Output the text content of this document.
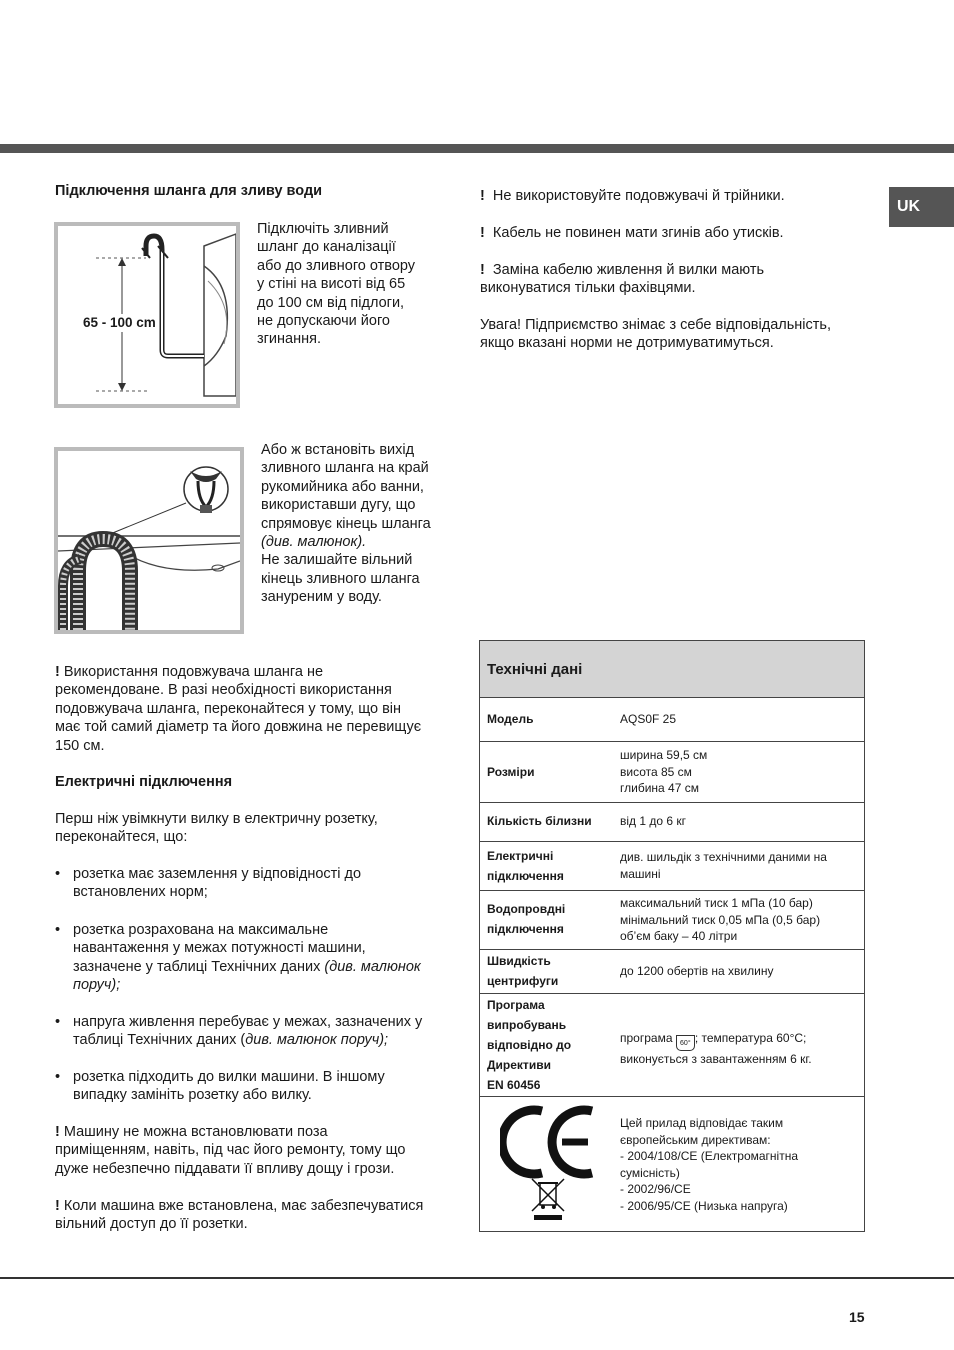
UK
Підключення шланга для зливу води
65 - 100 cm
Підключіть зливний
шланг до каналізації
або до зливного отвору
у стіні на висоті від 65
до 100 см від підлоги,
не допускаючи його
згинання.
Або ж встановіть вихід
зливного шланга на край
рукомийника або ванни,
використавши дугу, що
спрямовує кінець шланга
(див. малюнок).
Не залишайте вільний
кінець зливного шланга
зануреним у воду.
! Використання подовжувача шланга не
рекомендоване. В разі необхідності використання
подовжувача шланга, переконайтеся у тому, що він
має той самий діаметр та його довжина не перевищує
150 см.
Електричні підключення
Перш ніж увімкнути вилку в електричну розетку,
переконайтеся, що:
• розетка має заземлення у відповідності до
встановлених норм;
• розетка розрахована на максимальне
навантаження у межах потужності машини,
зазначене у таблиці Технічних даних (див. малюнок
поруч);
• напруга живлення перебуває у межах, зазначених у
таблиці Технічних даних (див. малюнок поруч);
• розетка підходить до вилки машини. В іншому
випадку замініть розетку або вилку.
! Машину не можна встановлювати поза
приміщенням, навіть, під час його ремонту, тому що
дуже небезпечно піддавати її впливу дощу і грози.
! Коли машина вже встановлена, має забезпечуватися
вільний доступ до її розетки.
!  Не використовуйте подовжувачі й трійники.
!  Кабель не повинен мати згинів або утисків.
!  Заміна кабелю живлення й вилки мають
виконуватися тільки фахівцями.
Увага! Підприємство знімає з себе відповідальність,
якщо вказані норми не дотримуватимуться.
Технічні дані
Модель	AQS0F 25
Розміри
ширина 59,5 см
висота 85 см
глибина 47 см
Кількість білизни	від 1 до 6 кг
Електричні
підключення
див. шильдік з технічними даними на
машині
Водопровдні
підключення
максимальний тиск 1 мПа (10 бар)
мінімальний тиск 0,05 мПа (0,5 бар)
об’єм баку – 40 літри
Швидкість
центрифуги
до 1200 обертів на хвилину
Програма
випробувань
відповідно до
Директиви
EN 60456
програма 60° ; температура 60°C;
виконується з завантаженням 6 кг.
Цей прилад відповідає таким
європейським директивам:
- 2004/108/CE (Електромагнітна
сумісність)
- 2002/96/CE
- 2006/95/CE (Низька напруга)
15
